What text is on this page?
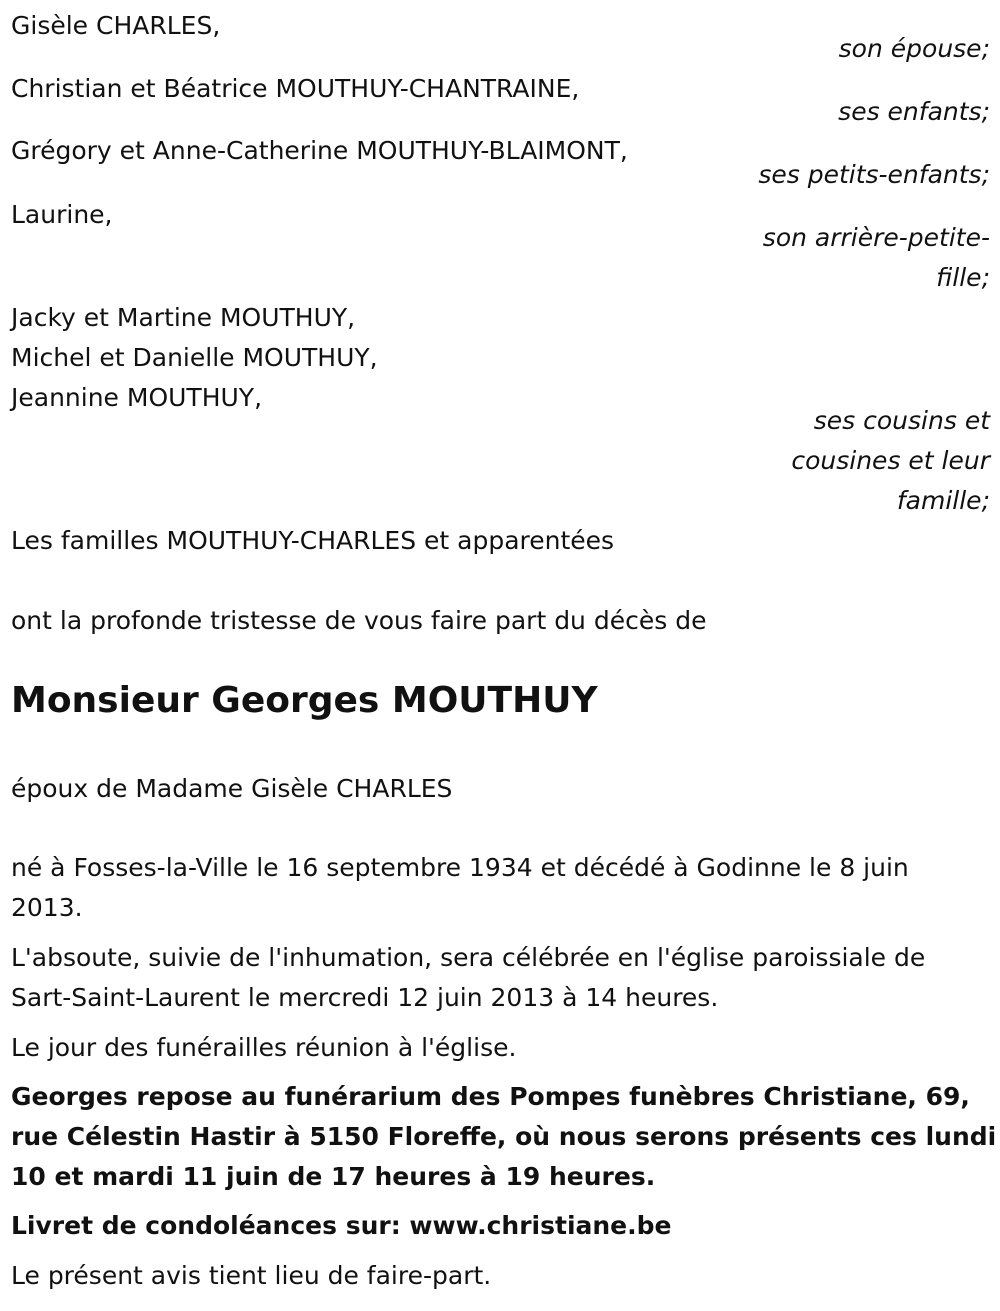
Gisèle CHARLES,
son épouse;
Christian et Béatrice MOUTHUY-CHANTRAINE,
ses enfants;
Grégory et Anne-Catherine MOUTHUY-BLAIMONT,
ses petits-enfants;
Laurine,
son arrière-petite-
fille;
Jacky et Martine MOUTHUY,
Michel et Danielle MOUTHUY,
Jeannine MOUTHUY,
ses cousins et
cousines et leur
famille;
Les familles MOUTHUY-CHARLES et apparentées
ont la profonde tristesse de vous faire part du décès de
Monsieur Georges MOUTHUY
époux de Madame Gisèle CHARLES
né à Fosses-la-Ville le 16 septembre 1934 et décédé à Godinne le 8 juin
2013.
L'absoute, suivie de l'inhumation, sera célébrée en l'église paroissiale de
Sart-Saint-Laurent le mercredi 12 juin 2013 à 14 heures.
Le jour des funérailles réunion à l'église.
Georges repose au funérarium des Pompes funèbres Christiane, 69,
rue Célestin Hastir à 5150 Floreffe, où nous serons présents ces lundi
10 et mardi 11 juin de 17 heures à 19 heures.
Livret de condoléances sur: www.christiane.be
Le présent avis tient lieu de faire-part.
